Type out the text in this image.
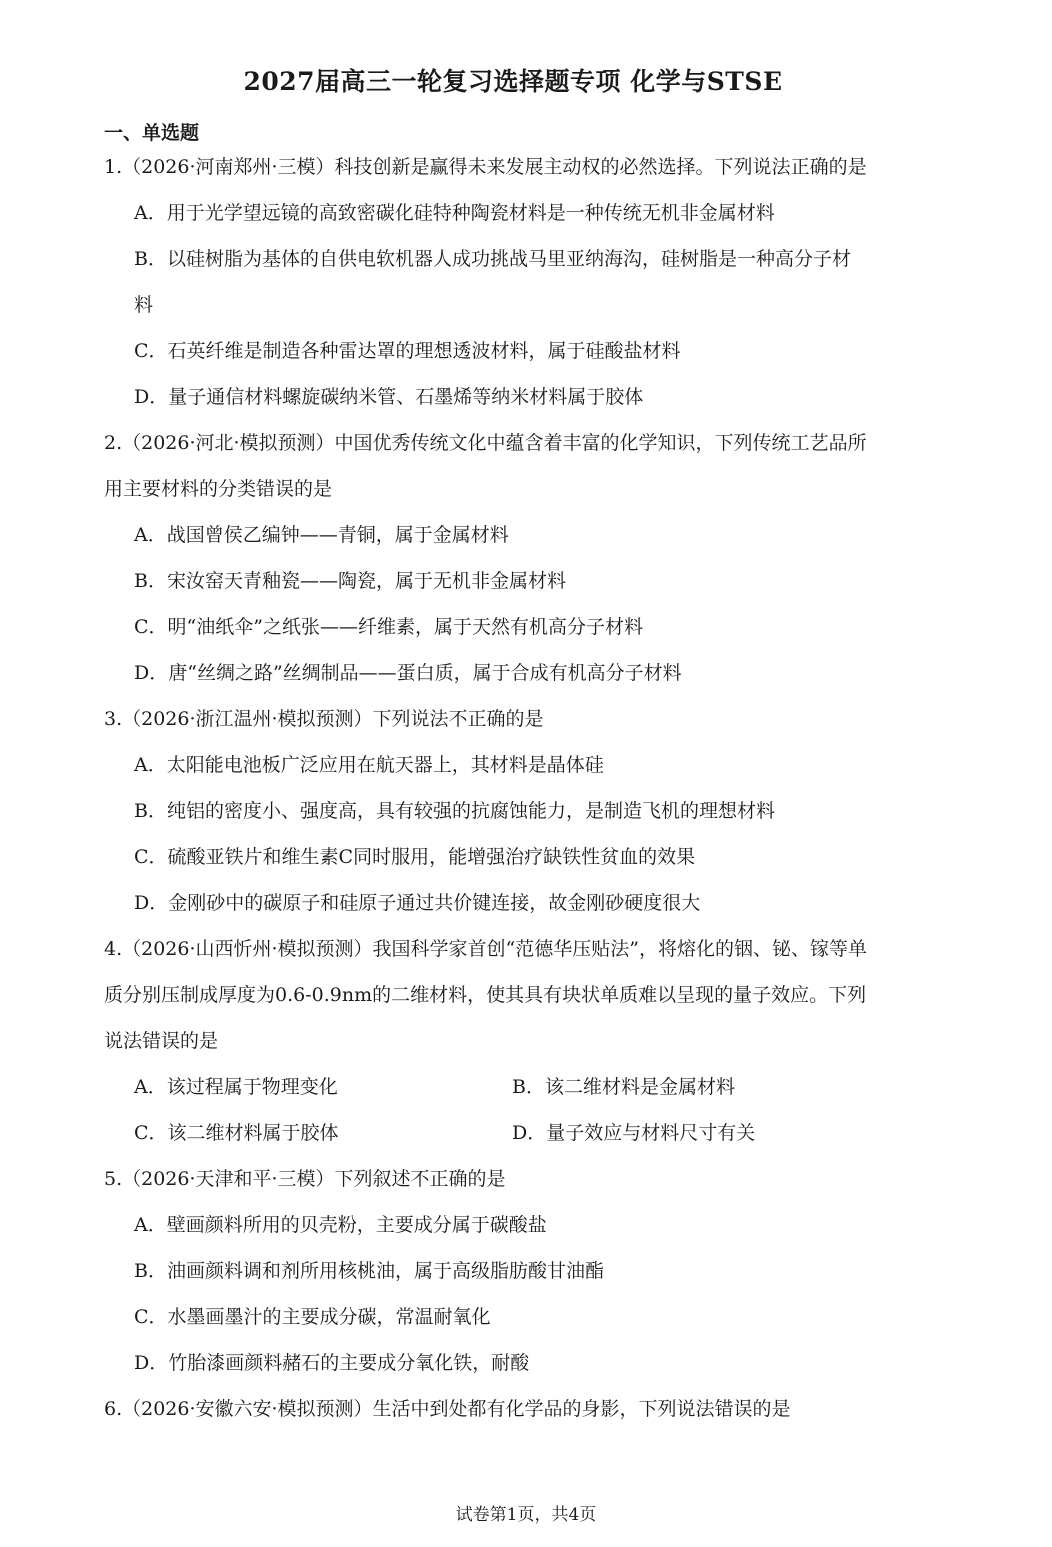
2027届高三一轮复习选择题专项 化学与STSE
一、单选题
1.（2026·河南郑州·三模）科技创新是赢得未来发展主动权的必然选择。下列说法正确的是
A．用于光学望远镜的高致密碳化硅特种陶瓷材料是一种传统无机非金属材料
B．以硅树脂为基体的自供电软机器人成功挑战马里亚纳海沟，硅树脂是一种高分子材
料
C．石英纤维是制造各种雷达罩的理想透波材料，属于硅酸盐材料
D．量子通信材料螺旋碳纳米管、石墨烯等纳米材料属于胶体
2.（2026·河北·模拟预测）中国优秀传统文化中蕴含着丰富的化学知识，下列传统工艺品所
用主要材料的分类错误的是
A．战国曾侯乙编钟——青铜，属于金属材料
B．宋汝窑天青釉瓷——陶瓷，属于无机非金属材料
C．明“油纸伞”之纸张——纤维素，属于天然有机高分子材料
D．唐“丝绸之路”丝绸制品——蛋白质，属于合成有机高分子材料
3.（2026·浙江温州·模拟预测）下列说法不正确的是
A．太阳能电池板广泛应用在航天器上，其材料是晶体硅
B．纯铝的密度小、强度高，具有较强的抗腐蚀能力，是制造飞机的理想材料
C．硫酸亚铁片和维生素C同时服用，能增强治疗缺铁性贫血的效果
D．金刚砂中的碳原子和硅原子通过共价键连接，故金刚砂硬度很大
4.（2026·山西忻州·模拟预测）我国科学家首创“范德华压贴法”，将熔化的铟、铋、镓等单
质分别压制成厚度为0.6-0.9nm的二维材料，使其具有块状单质难以呈现的量子效应。下列
说法错误的是
A．该过程属于物理变化	B．该二维材料是金属材料
C．该二维材料属于胶体	D．量子效应与材料尺寸有关
5.（2026·天津和平·三模）下列叙述不正确的是
A．壁画颜料所用的贝壳粉，主要成分属于碳酸盐
B．油画颜料调和剂所用核桃油，属于高级脂肪酸甘油酯
C．水墨画墨汁的主要成分碳，常温耐氧化
D．竹胎漆画颜料赭石的主要成分氧化铁，耐酸
6.（2026·安徽六安·模拟预测）生活中到处都有化学品的身影，下列说法错误的是
试卷第1页，共4页
